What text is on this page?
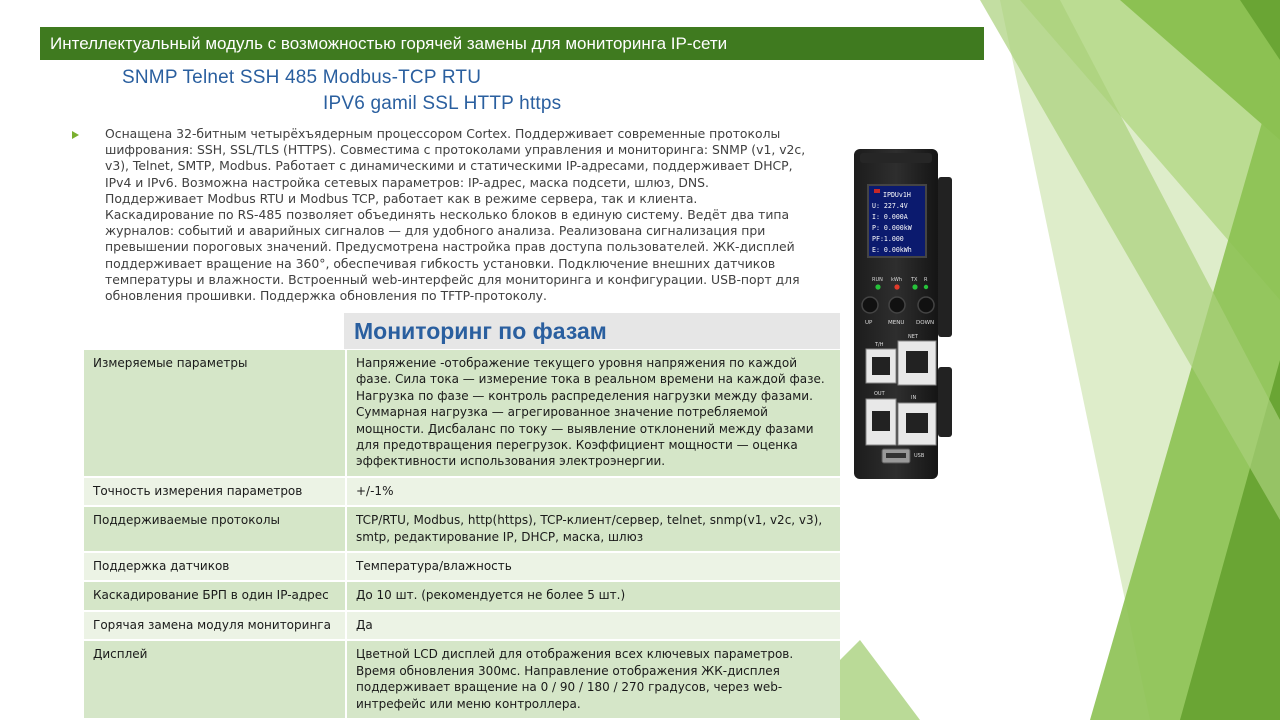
Интеллектуальный модуль с возможностью горячей замены для мониторинга IP-сети
SNMP Telnet SSH 485 Modbus-TCP RTU
IPV6 gamil SSL HTTP https

Оснащена 32-битным четырёхъядерным процессором Cortex. Поддерживает современные протоколы шифрования: SSH, SSL/TLS (HTTPS). Совместима с протоколами управления и мониторинга: SNMP (v1, v2c, v3), Telnet, SMTP, Modbus. Работает с динамическими и статическими IP-адресами, поддерживает DHCP, IPv4 и IPv6. Возможна настройка сетевых параметров: IP-адрес, маска подсети, шлюз, DNS. Поддерживает Modbus RTU и Modbus TCP, работает как в режиме сервера, так и клиента. Каскадирование по RS-485 позволяет объединять несколько блоков в единую систему. Ведёт два типа журналов: событий и аварийных сигналов — для удобного анализа. Реализована сигнализация при превышении пороговых значений. Предусмотрена настройка прав доступа пользователей. ЖК-дисплей поддерживает вращение на 360°, обеспечивая гибкость установки. Подключение внешних датчиков температуры и влажности. Встроенный web-интерфейс для мониторинга и конфигурации. USB-порт для обновления прошивки. Поддержка обновления по TFTP-протоколу.

IPDUv1H
U: 227.4V
I: 0.000A
P: 0.000kW
PF:1.000
E: 0.00kWh
RUN kWh TX R
UP	MENU DOWN
T/H
NET
OUT
IN
USB
Мониторинг по фазам
Измеряемые параметры	Напряжение -отображение текущего уровня напряжения по каждой фазе. Сила тока — измерение тока в реальном времени на каждой фазе. Нагрузка по фазе — контроль распределения нагрузки между фазами. Суммарная нагрузка — агрегированное значение потребляемой мощности. Дисбаланс по току — выявление отклонений между фазами для предотвращения перегрузок. Коэффициент мощности — оценка эффективности использования электроэнергии.
Точность измерения параметров	+/-1%
Поддерживаемые протоколы	TCP/RTU, Modbus, http(https), TCP-клиент/сервер, telnet, snmp(v1, v2c, v3), smtp, редактирование IP, DHCP, маска, шлюз
Поддержка датчиков	Температура/влажность
Каскадирование БРП в один IP-адрес	До 10 шт. (рекомендуется не более 5 шт.)
Горячая замена модуля мониторинга	Да
Дисплей	Цветной LCD дисплей для отображения всех ключевых параметров. Время обновления 300мс. Направление отображения ЖК-дисплея поддерживает вращение на 0 / 90 / 180 / 270 градусов, через web-интрефейс или меню контроллера.
